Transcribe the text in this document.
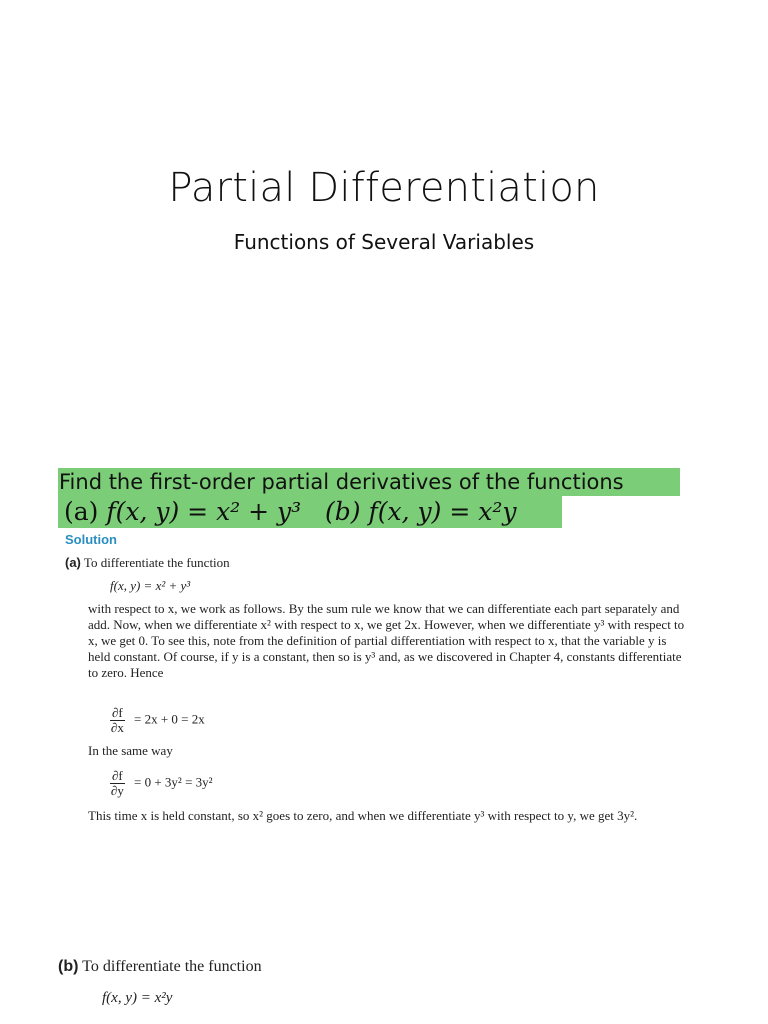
Partial Differentiation
Functions of Several Variables
Find the first-order partial derivatives of the functions
(a) f(x, y) = x² + y³ (b) f(x, y) = x²y
Solution
(a) To differentiate the function
f(x, y) = x² + y³
with respect to x, we work as follows. By the sum rule we know that we can differentiate each part separately and add. Now, when we differentiate x² with respect to x, we get 2x. However, when we differentiate y³ with respect to x, we get 0. To see this, note from the definition of partial differentiation with respect to x, that the variable y is held constant. Of course, if y is a constant, then so is y³ and, as we discovered in Chapter 4, constants differentiate to zero. Hence
$\frac{\partial f}{\partial x} = 2x + 0 = 2x$
In the same way
$\frac{\partial f}{\partial y} = 0 + 3y^2 = 3y^2$
This time x is held constant, so x² goes to zero, and when we differentiate y³ with respect to y, we get 3y².
(b) To differentiate the function
f(x, y) = x²y
